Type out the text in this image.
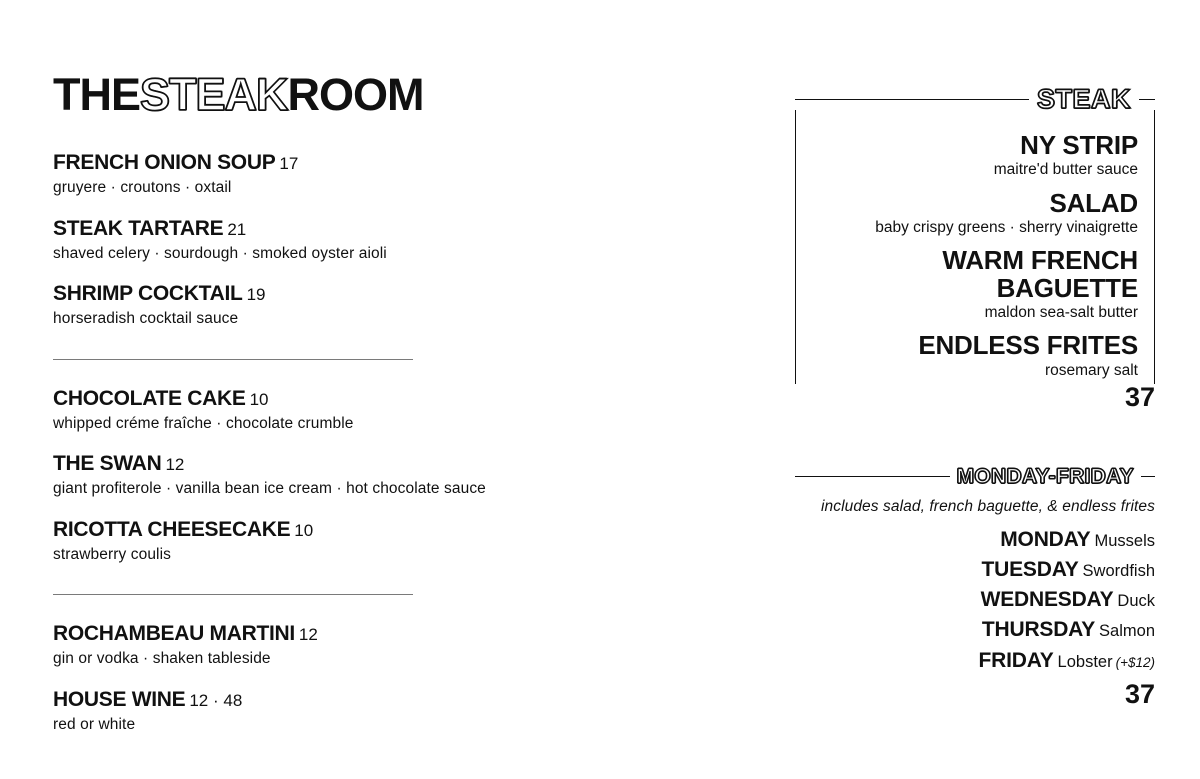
THESTEAKROOM
FRENCH ONION SOUP 17
gruyere · croutons · oxtail
STEAK TARTARE 21
shaved celery · sourdough · smoked oyster aioli
SHRIMP COCKTAIL 19
horseradish cocktail sauce
CHOCOLATE CAKE 10
whipped créme fraîche · chocolate crumble
THE SWAN 12
giant profiterole · vanilla bean ice cream · hot chocolate sauce
RICOTTA CHEESECAKE 10
strawberry coulis
ROCHAMBEAU MARTINI 12
gin or vodka · shaken tableside
HOUSE WINE 12 · 48
red or white
STEAK
NY STRIP
maitre'd butter sauce
SALAD
baby crispy greens · sherry vinaigrette
WARM FRENCH BAGUETTE
maldon sea-salt butter
ENDLESS FRITES
rosemary salt
37
MONDAY-FRIDAY
includes salad, french baguette, & endless frites
MONDAY Mussels
TUESDAY Swordfish
WEDNESDAY Duck
THURSDAY Salmon
FRIDAY Lobster (+$12)
37
